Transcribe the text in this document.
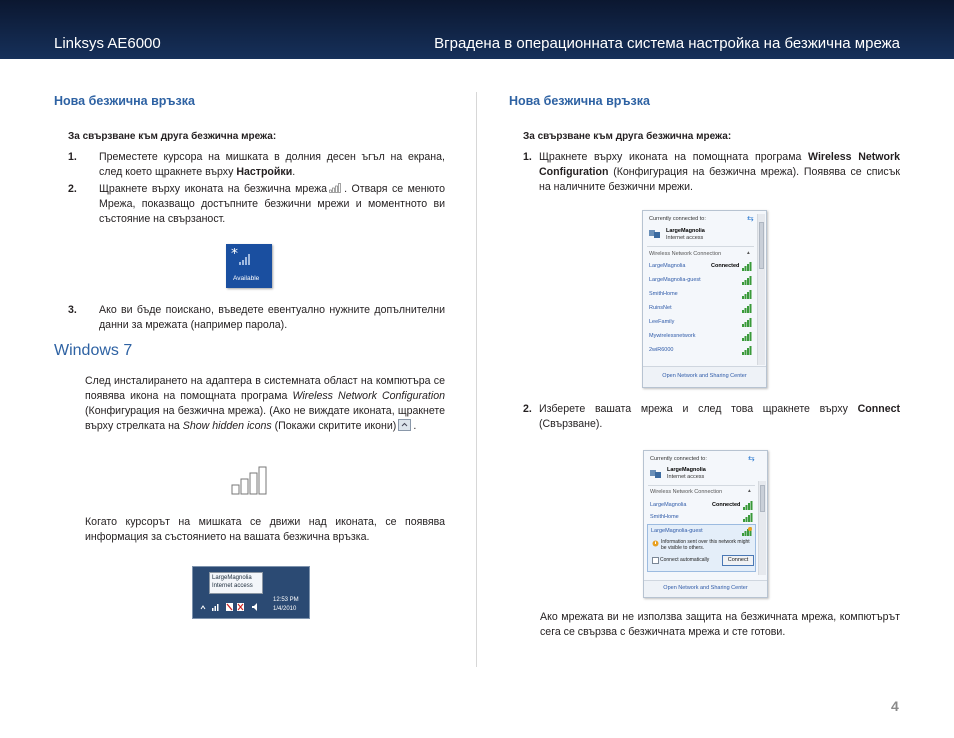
Linksys AE6000	Вградена в операционната система настройка на безжична мрежа
Нова безжична връзка
За свързване към друга безжична мрежа:
1. Преместете курсора на мишката в долния десен ъгъл на екрана, след което щракнете върху Настройки.
2. Щракнете върху иконата на безжична мрежа . Отваря се менюто Мрежа, показващо достъпните безжични мрежи и моментното ви състояние на свързаност.
*
Available
3. Ако ви бъде поискано, въведете евентуално нужните допълнителни данни за мрежата (например парола).
Windows 7
След инсталирането на адаптера в системната област на компютъра се появява икона на помощната програма Wireless Network Configuration (Конфигурация на безжична мрежа). (Ако не виждате иконата, щракнете върху стрелката на Show hidden icons (Покажи скритите икони) .
Когато курсорът на мишката се движи над иконата, се появява информация за състоянието на вашата безжична връзка.
LargeMagnolia
Internet access
12:53 PM
1/4/2010
Нова безжична връзка
За свързване към друга безжична мрежа:
1. Щракнете върху иконата на помощната програма Wireless Network Configuration (Конфигурация на безжична мрежа). Появява се списък на наличните безжични мрежи.
Currently connected to:	⇆
LargeMagnolia
Internet access
Wireless Network Connection	▴
LargeMagnolia	Connected
LargeMagnolia-guest
SmithHome
RuinsNet
LeeFamily
Mywirelessnetwork
2wiR6000
Open Network and Sharing Center
2. Изберете вашата мрежа и след това щракнете върху Connect (Свързване).
Currently connected to:	⇆
LargeMagnolia
Internet access
Wireless Network Connection	▴
LargeMagnolia	Connected
SmithHome
LargeMagnolia-guest
Information sent over this network might be visible to others.
Connect automatically	Connect
Open Network and Sharing Center
Ако мрежата ви не използва защита на безжичната мрежа, компютърът сега се свързва с безжичната мрежа и сте готови.
4
